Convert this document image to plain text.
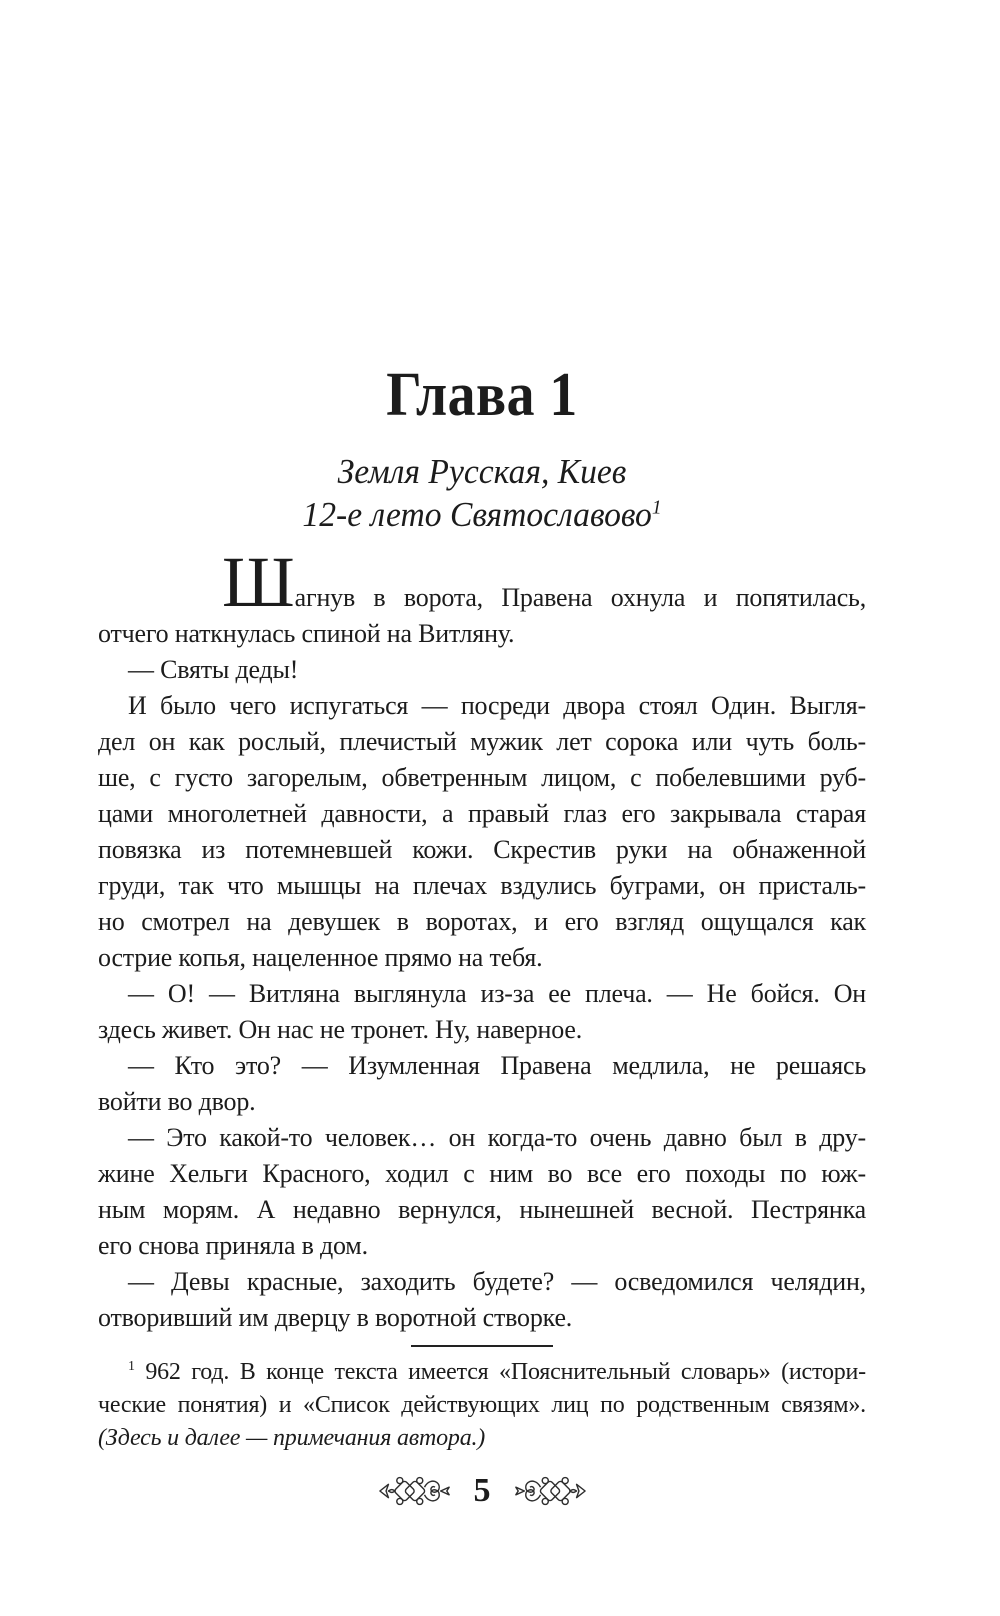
Глава 1
Земля Русская, Киев
12-е лето Святославово$^1$
Шагнув в ворота, Правена охнула и попятилась,
отчего наткнулась спиной на Витляну.
— Святы деды!
И было чего испугаться — посреди двора стоял Один. Выгля-
дел он как рослый, плечистый мужик лет сорока или чуть боль-
ше, с густо загорелым, обветренным лицом, с побелевшими руб-
цами многолетней давности, а правый глаз его закрывала старая
повязка из потемневшей кожи. Скрестив руки на обнаженной
груди, так что мышцы на плечах вздулись буграми, он присталь-
но смотрел на девушек в воротах, и его взгляд ощущался как
острие копья, нацеленное прямо на тебя.
— О! — Витляна выглянула из-за ее плеча. — Не бойся. Он
здесь живет. Он нас не тронет. Ну, наверное.
— Кто это? — Изумленная Правена медлила, не решаясь
войти во двор.
— Это какой-то человек… он когда-то очень давно был в дру-
жине Хельги Красного, ходил с ним во все его походы по юж-
ным морям. А недавно вернулся, нынешней весной. Пестрянка
его снова приняла в дом.
— Девы красные, заходить будете? — осведомился челядин,
отворивший им дверцу в воротной створке.
$^1$ 962 год. В конце текста имеется «Пояснительный словарь» (истори-
ческие понятия) и «Список действующих лиц по родственным связям».
(Здесь и далее — примечания автора.)
5
